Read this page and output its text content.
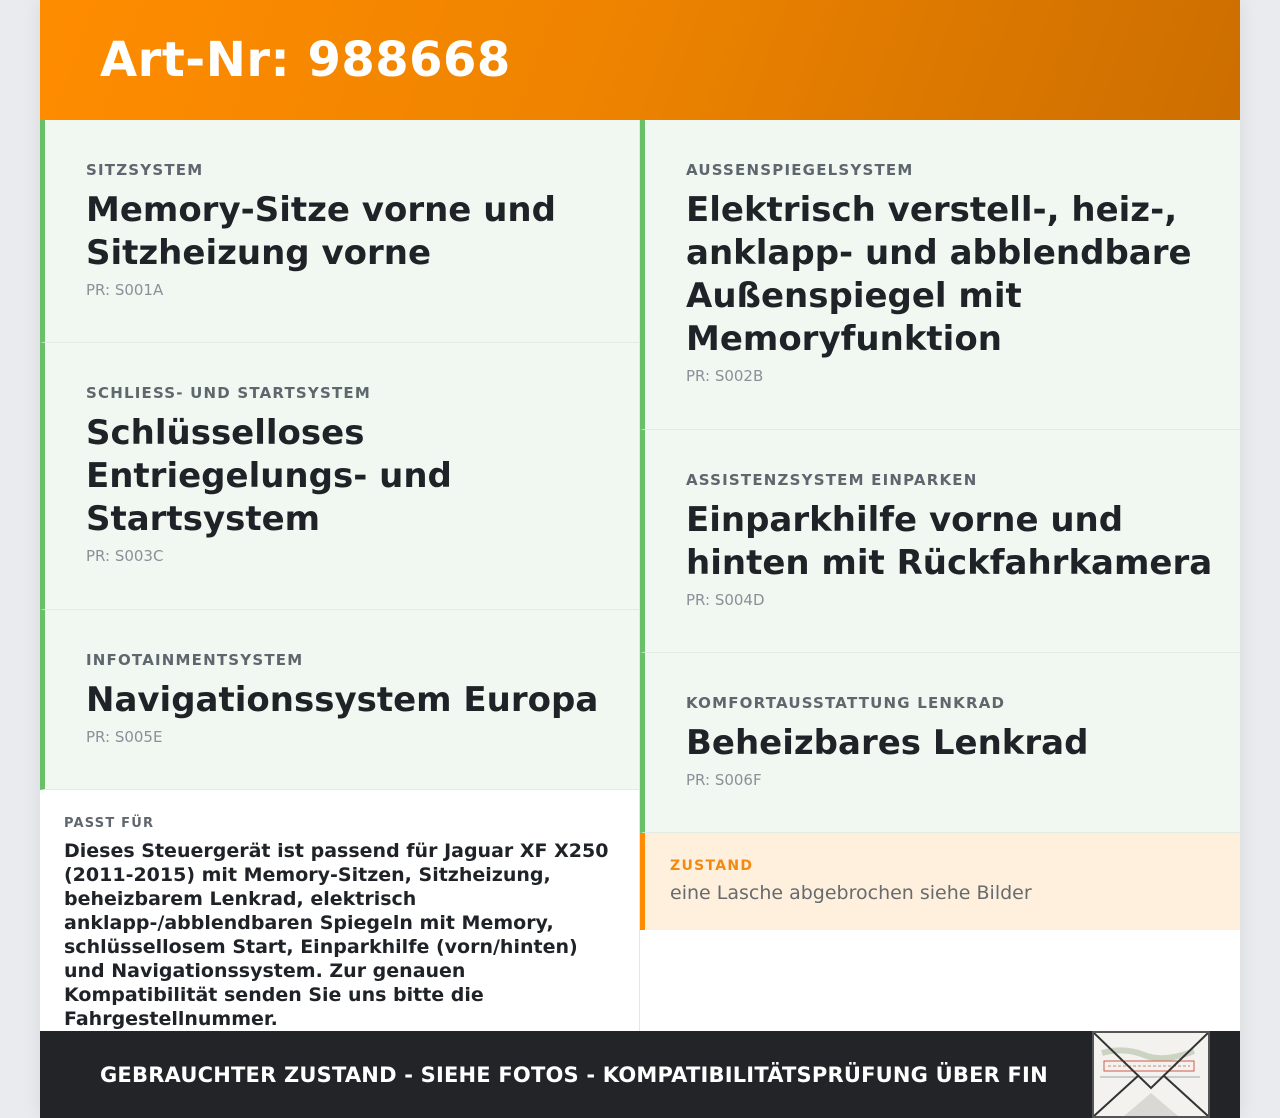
Art-Nr: 988668
SITZSYSTEM
Memory-Sitze vorne und Sitzheizung vorne
PR: S001A
SCHLIESS- UND STARTSYSTEM
Schlüsselloses Entriegelungs- und Startsystem
PR: S003C
INFOTAINMENTSYSTEM
Navigationssystem Europa
PR: S005E
AUSSENSPIEGELSYSTEM
Elektrisch verstell-, heiz-, anklapp- und abblendbare Außenspiegel mit Memoryfunktion
PR: S002B
ASSISTENZSYSTEM EINPARKEN
Einparkhilfe vorne und hinten mit Rückfahrkamera
PR: S004D
KOMFORTAUSSTATTUNG LENKRAD
Beheizbares Lenkrad
PR: S006F
PASST FÜR
Dieses Steuergerät ist passend für Jaguar XF X250 (2011-2015) mit Memory-Sitzen, Sitzheizung, beheizbarem Lenkrad, elektrisch anklapp-/abblendbaren Spiegeln mit Memory, schlüssellosem Start, Einparkhilfe (vorn/hinten) und Navigationssystem. Zur genauen Kompatibilität senden Sie uns bitte die Fahrgestellnummer.
ZUSTAND
eine Lasche abgebrochen siehe Bilder
GEBRAUCHTER ZUSTAND - SIEHE FOTOS - KOMPATIBILITÄTSPRÜFUNG ÜBER FIN
